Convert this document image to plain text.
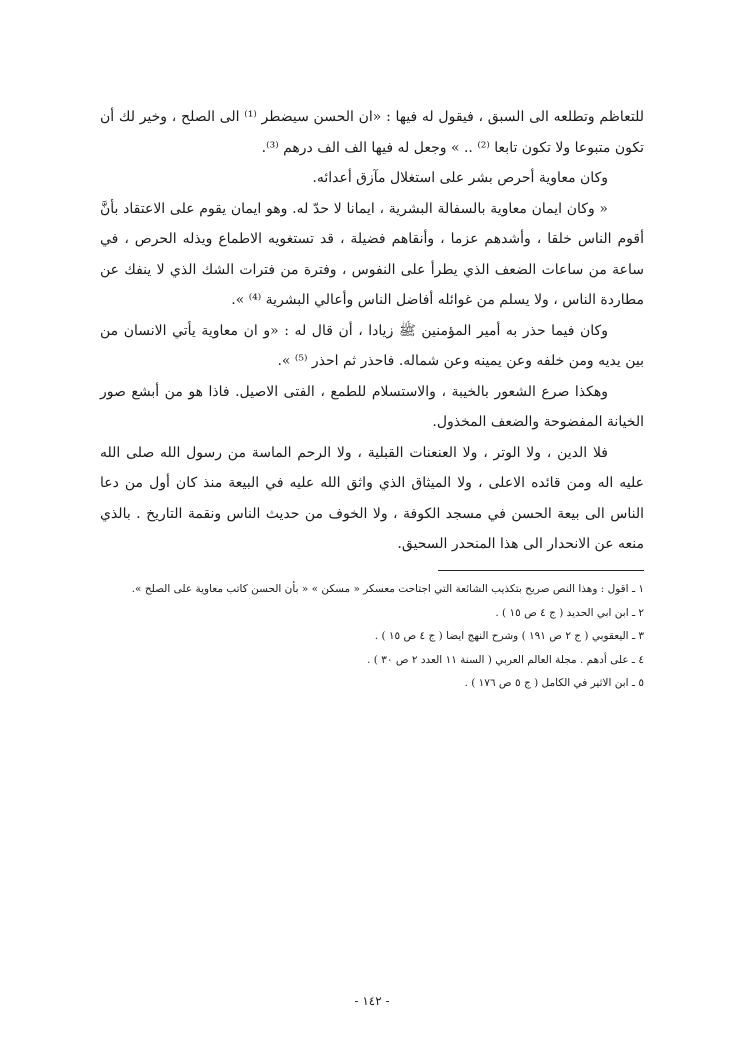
للتعاظم وتطلعه الى السبق ، فيقول له فيها : «ان الحسن سيضطر ⁽¹⁾ الى الصلح ، وخير لك أن تكون متبوعا ولا تكون تابعا ⁽²⁾ .. » وجعل له فيها الف الف درهم ⁽³⁾.

وكان معاوية أحرص بشر على استغلال مآزق أعدائه.

« وكان ايمان معاوية بالسفالة البشرية ، ايمانا لا حدّ له. وهو ايمان يقوم على الاعتقاد بأنَّ أقوم الناس خلقا ، وأشدهم عزما ، وأنقاهم فضيلة ، قد تستغويه الاطماع ويذله الحرص ، في ساعة من ساعات الضعف الذي يطرأ على النفوس ، وفترة من فترات الشك الذي لا ينفك عن مطاردة الناس ، ولا يسلم من غوائله أفاضل الناس وأعالي البشرية ⁽⁴⁾ ».

وكان فيما حذر به أمير المؤمنين ﷺ زيادا ، أن قال له : «و ان معاوية يأتي الانسان من بين يديه ومن خلفه وعن يمينه وعن شماله. فاحذر ثم احذر ⁽⁵⁾ ».

وهكذا صرع الشعور بالخيبة ، والاستسلام للطمع ، الفتى الاصيل. فاذا هو من أبشع صور الخيانة المفضوحة والضعف المخذول.

فلا الدين ، ولا الوتر ، ولا العنعنات القبلية ، ولا الرحم الماسة من رسول الله صلى الله عليه اله ومن قائده الاعلى ، ولا الميثاق الذي واثق الله عليه في البيعة منذ كان أول من دعا الناس الى بيعة الحسن في مسجد الكوفة ، ولا الخوف من حديث الناس ونقمة التاريخ . بالذي منعه عن الانحدار الى هذا المنحدر السحيق.

١ ـ اقول : وهذا النص صريح بتكذيب الشائعة التي اجتاحت معسكر « مسكن » « بأن الحسن كاتب معاوية على الصلح ».

٢ ـ ابن ابي الحديد ( ج ٤ ص ١٥ ) .

٣ ـ اليعقوبي ( ج ٢ ص ١٩١ ) وشرح النهج ايضا ( ج ٤ ص ١٥ ) .

٤ ـ على أدهم . مجلة العالم العربي ( السنة ١١ العدد ٢ ص ٣٠ ) .

٥ ـ ابن الاثير في الكامل ( ج ٥ ص ١٧٦ ) .

- ١٤٢ -
